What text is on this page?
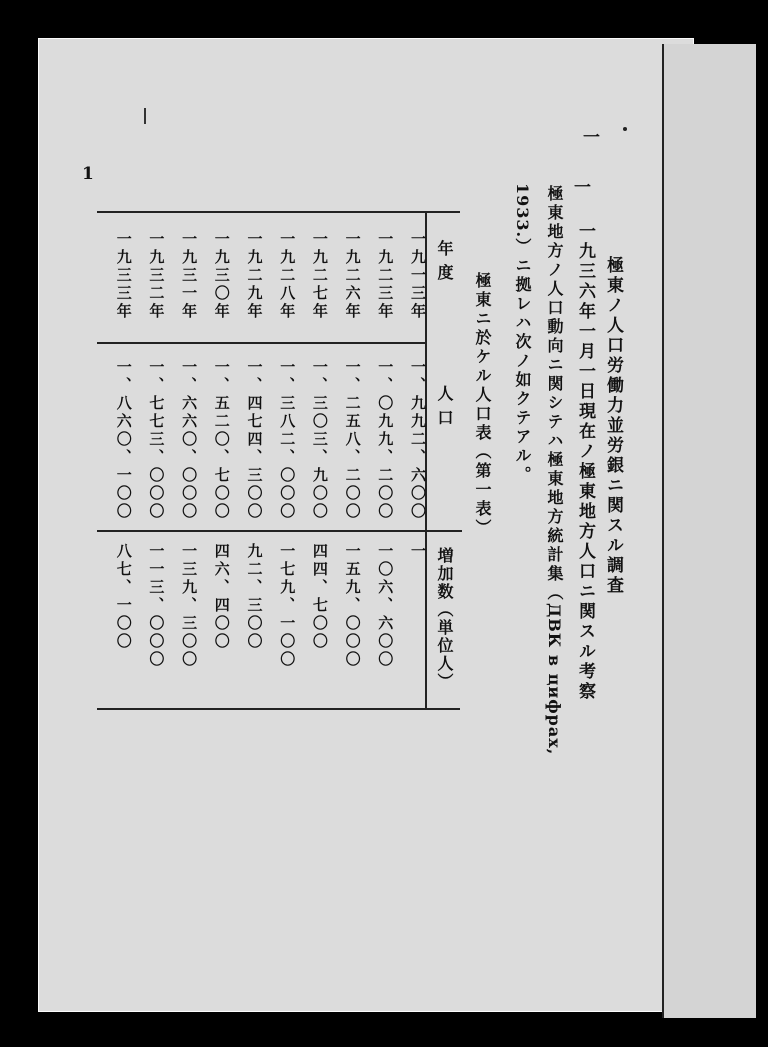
1
極東ノ人口労働力並労銀ニ関スル調査
一
一
一九三六年一月一日現在ノ極東地方人口ニ関スル考察
極東地方ノ人口動向ニ関シテハ極東地方統計集（ДВК в цифрах,
1933.）ニ拠レハ次ノ如クテアル。
極東ニ於ケル人口表（第一表）
年度
人口
増加数（単位人）
一九一三年
一、九九二、六〇〇
一
一九二三年
一、〇九九、二〇〇
一〇六、六〇〇
一九二六年
一、二五八、二〇〇
一五九、〇〇〇
一九二七年
一、三〇三、九〇〇
四四、七〇〇
一九二八年
一、三八二、〇〇〇
一七九、一〇〇
一九二九年
一、四七四、三〇〇
九二、三〇〇
一九三〇年
一、五二〇、七〇〇
四六、四〇〇
一九三一年
一、六六〇、〇〇〇
一三九、三〇〇
一九三二年
一、七七三、〇〇〇
一一三、〇〇〇
一九三三年
一、八六〇、一〇〇
八七、一〇〇
